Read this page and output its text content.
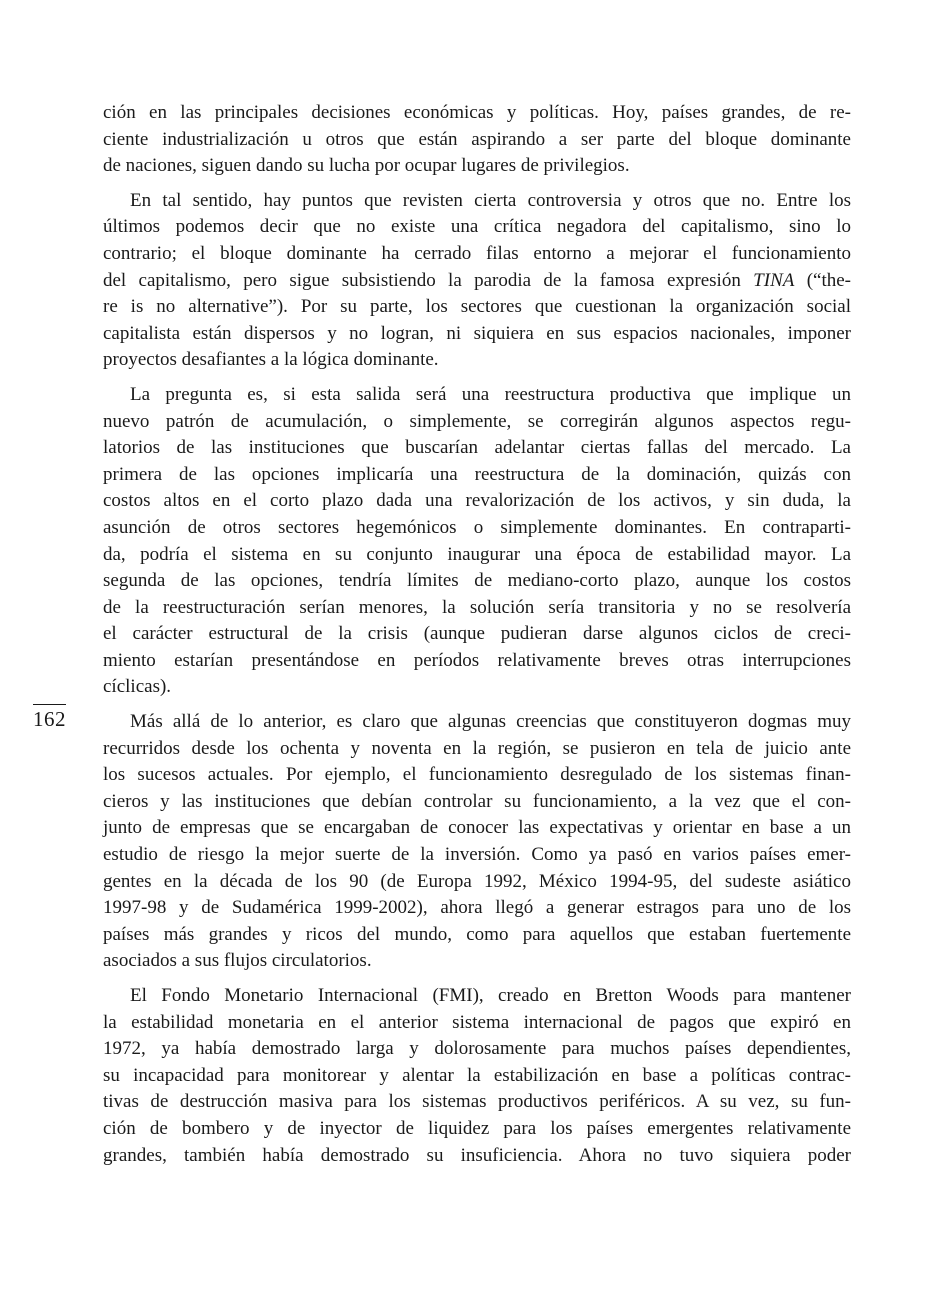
162

ción en las principales decisiones económicas y políticas. Hoy, países grandes, de re-
ciente industrialización u otros que están aspirando a ser parte del bloque dominante
de naciones, siguen dando su lucha por ocupar lugares de privilegios.

En tal sentido, hay puntos que revisten cierta controversia y otros que no. Entre los
últimos podemos decir que no existe una crítica negadora del capitalismo, sino lo
contrario; el bloque dominante ha cerrado filas entorno a mejorar el funcionamiento
del capitalismo, pero sigue subsistiendo la parodia de la famosa expresión TINA (“the-
re is no alternative”). Por su parte, los sectores que cuestionan la organización social
capitalista están dispersos y no logran, ni siquiera en sus espacios nacionales, imponer
proyectos desafiantes a la lógica dominante.

La pregunta es, si esta salida será una reestructura productiva que implique un
nuevo patrón de acumulación, o simplemente, se corregirán algunos aspectos regu-
latorios de las instituciones que buscarían adelantar ciertas fallas del mercado. La
primera de las opciones implicaría una reestructura de la dominación, quizás con
costos altos en el corto plazo dada una revalorización de los activos, y sin duda, la
asunción de otros sectores hegemónicos o simplemente dominantes. En contraparti-
da, podría el sistema en su conjunto inaugurar una época de estabilidad mayor. La
segunda de las opciones, tendría límites de mediano-corto plazo, aunque los costos
de la reestructuración serían menores, la solución sería transitoria y no se resolvería
el carácter estructural de la crisis (aunque pudieran darse algunos ciclos de creci-
miento estarían presentándose en períodos relativamente breves otras interrupciones
cíclicas).

Más allá de lo anterior, es claro que algunas creencias que constituyeron dogmas muy
recurridos desde los ochenta y noventa en la región, se pusieron en tela de juicio ante
los sucesos actuales. Por ejemplo, el funcionamiento desregulado de los sistemas finan-
cieros y las instituciones que debían controlar su funcionamiento, a la vez que el con-
junto de empresas que se encargaban de conocer las expectativas y orientar en base a un
estudio de riesgo la mejor suerte de la inversión. Como ya pasó en varios países emer-
gentes en la década de los 90 (de Europa 1992, México 1994-95, del sudeste asiático
1997-98 y de Sudamérica 1999-2002), ahora llegó a generar estragos para uno de los
países más grandes y ricos del mundo, como para aquellos que estaban fuertemente
asociados a sus flujos circulatorios.

El Fondo Monetario Internacional (FMI), creado en Bretton Woods para mantener
la estabilidad monetaria en el anterior sistema internacional de pagos que expiró en
1972, ya había demostrado larga y dolorosamente para muchos países dependientes,
su incapacidad para monitorear y alentar la estabilización en base a políticas contrac-
tivas de destrucción masiva para los sistemas productivos periféricos. A su vez, su fun-
ción de bombero y de inyector de liquidez para los países emergentes relativamente
grandes, también había demostrado su insuficiencia. Ahora no tuvo siquiera poder
